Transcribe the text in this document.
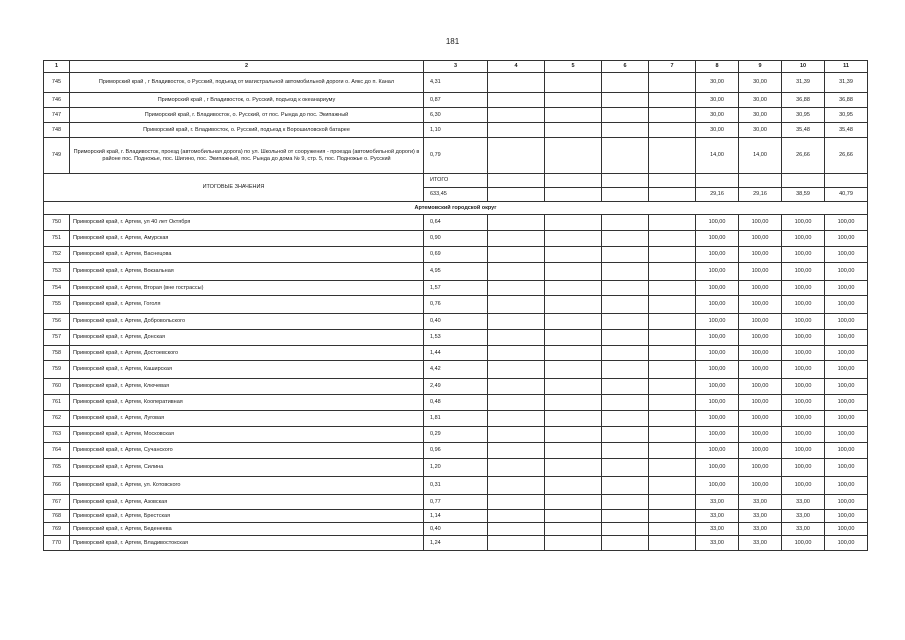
181
1	2	3	4	5	6	7	8	9	10	11
745	Приморский край , г Владивосток, о Русский, подъезд от магистральной автомобильной дороги о. Аякс до п. Канал	4,31					30,00	30,00	31,39	31,39
746	Приморский край , г Владивосток, о. Русский, подъезд к океанариуму	0,87					30,00	30,00	36,88	36,88
747	Приморский край, г. Владивосток, о. Русский, от пос. Рында до пос. Экипажный	6,30					30,00	30,00	30,95	30,95
748	Приморский край, г. Владивосток, о. Русский, подъезд к Ворошиловской батарее	1,10					30,00	30,00	35,48	35,48
749	Приморский край, г. Владивосток, проезд (автомобильная дорога) по ул. Школьной от сооружения - проезда (автомобильной дороги) в районе пос. Подножье, пос. Шигино, пос. Экипажный, пос. Рында до дома № 9, стр. 5, пос. Подножье о. Русский	0,79					14,00	14,00	26,66	26,66
ИТОГОВЫЕ ЗНАЧЕНИЯ		ИТОГО								
		633,45					29,16	29,16	38,59	40,79
Артемовский городской округ										
750	Приморский край, г. Артем, ул 40 лет Октября	0,64					100,00	100,00	100,00	100,00
751	Приморский край, г. Артем, Амурская	0,90					100,00	100,00	100,00	100,00
752	Приморский край, г. Артем, Васнецова	0,69					100,00	100,00	100,00	100,00
753	Приморский край, г. Артем, Вокзальная	4,95					100,00	100,00	100,00	100,00
754	Приморский край, г. Артем, Вторая (вне гострассы)	1,57					100,00	100,00	100,00	100,00
755	Приморский край, г. Артем, Гоголя	0,76					100,00	100,00	100,00	100,00
756	Приморский край, г. Артем, Добровольского	0,40					100,00	100,00	100,00	100,00
757	Приморский край, г. Артем, Донская	1,53					100,00	100,00	100,00	100,00
758	Приморский край, г. Артем, Достоевского	1,44					100,00	100,00	100,00	100,00
759	Приморский край, г. Артем, Каширская	4,42					100,00	100,00	100,00	100,00
760	Приморский край, г. Артем, Ключевая	2,49					100,00	100,00	100,00	100,00
761	Приморский край, г. Артем, Кооперативная	0,48					100,00	100,00	100,00	100,00
762	Приморский край, г. Артем, Луговая	1,81					100,00	100,00	100,00	100,00
763	Приморский край, г. Артем, Московская	0,29					100,00	100,00	100,00	100,00
764	Приморский край, г. Артем, Сучанского	0,96					100,00	100,00	100,00	100,00
765	Приморский край, г. Артем, Силина	1,20					100,00	100,00	100,00	100,00
766	Приморский край, г. Артем, ул. Котовского	0,31					100,00	100,00	100,00	100,00
767	Приморский край, г. Артем, Азовская	0,77					33,00	33,00	33,00	100,00
768	Приморский край, г. Артем, Брестская	1,14					33,00	33,00	33,00	100,00
769	Приморский край, г. Артем, Беденеева	0,40					33,00	33,00	33,00	100,00
770	Приморский край, г. Артем, Владивостокская	1,24					33,00	33,00	100,00	100,00
